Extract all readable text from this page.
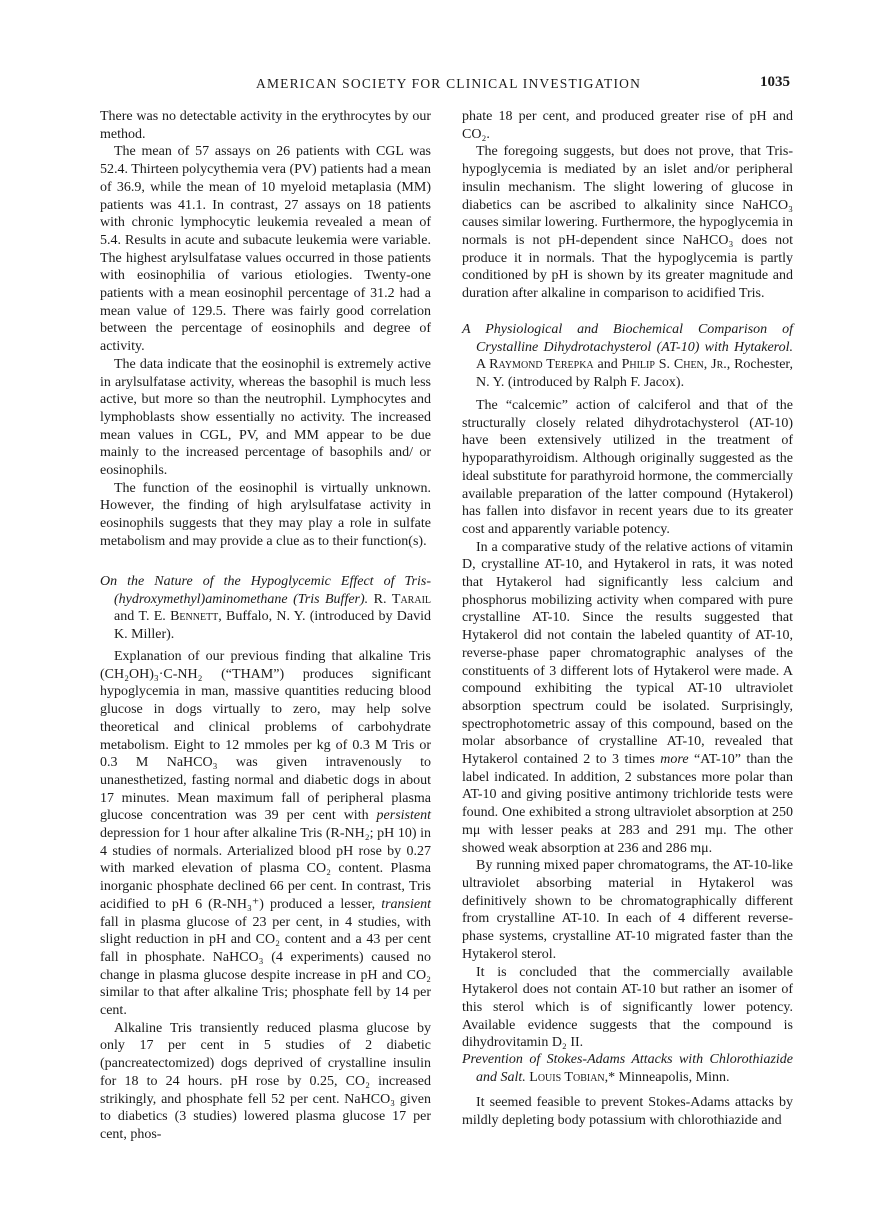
AMERICAN SOCIETY FOR CLINICAL INVESTIGATION	1035

There was no detectable activity in the erythrocytes by our method.

The mean of 57 assays on 26 patients with CGL was 52.4. Thirteen polycythemia vera (PV) patients had a mean of 36.9, while the mean of 10 myeloid metaplasia (MM) patients was 41.1. In contrast, 27 assays on 18 patients with chronic lymphocytic leukemia revealed a mean of 5.4. Results in acute and subacute leukemia were variable. The highest arylsulfatase values occurred in those patients with eosinophilia of various etiologies. Twenty-one patients with a mean eosinophil percentage of 31.2 had a mean value of 129.5. There was fairly good correlation between the percentage of eosinophils and degree of activity.

The data indicate that the eosinophil is extremely active in arylsulfatase activity, whereas the basophil is much less active, but more so than the neutrophil. Lymphocytes and lymphoblasts show essentially no activity. The increased mean values in CGL, PV, and MM appear to be due mainly to the increased percentage of basophils and/ or eosinophils.

The function of the eosinophil is virtually unknown. However, the finding of high arylsulfatase activity in eosinophils suggests that they may play a role in sulfate metabolism and may provide a clue as to their function(s).

On the Nature of the Hypoglycemic Effect of Tris-(hydroxymethyl)aminomethane (Tris Buffer). R. Tarail and T. E. Bennett, Buffalo, N. Y. (introduced by David K. Miller).

Explanation of our previous finding that alkaline Tris (CH₂OH)₃·C-NH₂ (“THAM”) produces significant hypoglycemia in man, massive quantities reducing blood glucose in dogs virtually to zero, may help solve theoretical and clinical problems of carbohydrate metabolism. Eight to 12 mmoles per kg of 0.3 M Tris or 0.3 M NaHCO₃ was given intravenously to unanesthetized, fasting normal and diabetic dogs in about 17 minutes. Mean maximum fall of peripheral plasma glucose concentration was 39 per cent with persistent depression for 1 hour after alkaline Tris (R-NH₂; pH 10) in 4 studies of normals. Arterialized blood pH rose by 0.27 with marked elevation of plasma CO₂ content. Plasma inorganic phosphate declined 66 per cent. In contrast, Tris acidified to pH 6 (R-NH₃⁺) produced a lesser, transient fall in plasma glucose of 23 per cent, in 4 studies, with slight reduction in pH and CO₂ content and a 43 per cent fall in phosphate. NaHCO₃ (4 experiments) caused no change in plasma glucose despite increase in pH and CO₂ similar to that after alkaline Tris; phosphate fell by 14 per cent.

Alkaline Tris transiently reduced plasma glucose by only 17 per cent in 5 studies of 2 diabetic (pancreatectomized) dogs deprived of crystalline insulin for 18 to 24 hours. pH rose by 0.25, CO₂ increased strikingly, and phosphate fell 52 per cent. NaHCO₃ given to diabetics (3 studies) lowered plasma glucose 17 per cent, phos-

phate 18 per cent, and produced greater rise of pH and CO₂.

The foregoing suggests, but does not prove, that Tris-hypoglycemia is mediated by an islet and/or peripheral insulin mechanism. The slight lowering of glucose in diabetics can be ascribed to alkalinity since NaHCO₃ causes similar lowering. Furthermore, the hypoglycemia in normals is not pH-dependent since NaHCO₃ does not produce it in normals. That the hypoglycemia is partly conditioned by pH is shown by its greater magnitude and duration after alkaline in comparison to acidified Tris.

A Physiological and Biochemical Comparison of Crystalline Dihydrotachysterol (AT-10) with Hytakerol. A Raymond Terepka and Philip S. Chen, Jr., Rochester, N. Y. (introduced by Ralph F. Jacox).

The “calcemic” action of calciferol and that of the structurally closely related dihydrotachysterol (AT-10) have been extensively utilized in the treatment of hypoparathyroidism. Although originally suggested as the ideal substitute for parathyroid hormone, the commercially available preparation of the latter compound (Hytakerol) has fallen into disfavor in recent years due to its greater cost and apparently variable potency.

In a comparative study of the relative actions of vitamin D, crystalline AT-10, and Hytakerol in rats, it was noted that Hytakerol had significantly less calcium and phosphorus mobilizing activity when compared with pure crystalline AT-10. Since the results suggested that Hytakerol did not contain the labeled quantity of AT-10, reverse-phase paper chromatographic analyses of the constituents of 3 different lots of Hytakerol were made. A compound exhibiting the typical AT-10 ultraviolet absorption spectrum could be isolated. Surprisingly, spectrophotometric assay of this compound, based on the molar absorbance of crystalline AT-10, revealed that Hytakerol contained 2 to 3 times more “AT-10” than the label indicated. In addition, 2 substances more polar than AT-10 and giving positive antimony trichloride tests were found. One exhibited a strong ultraviolet absorption at 250 mμ with lesser peaks at 283 and 291 mμ. The other showed weak absorption at 236 and 286 mμ.

By running mixed paper chromatograms, the AT-10-like ultraviolet absorbing material in Hytakerol was definitively shown to be chromatographically different from crystalline AT-10. In each of 4 different reverse-phase systems, crystalline AT-10 migrated faster than the Hytakerol sterol.

It is concluded that the commercially available Hytakerol does not contain AT-10 but rather an isomer of this sterol which is of significantly lower potency. Available evidence suggests that the compound is dihydrovitamin D₂ II.

Prevention of Stokes-Adams Attacks with Chlorothiazide and Salt. Louis Tobian,* Minneapolis, Minn.

It seemed feasible to prevent Stokes-Adams attacks by mildly depleting body potassium with chlorothiazide and
